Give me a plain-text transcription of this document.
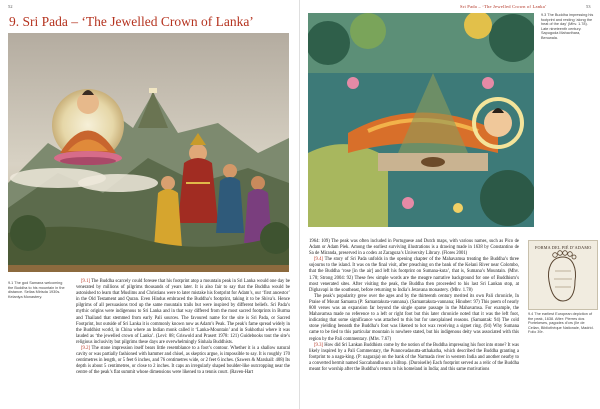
52
9. Sri Pada – ‘The Jewelled Crown of Lanka’
9.1 The god Samana welcoming the Buddha to his mountain in the distance. Sellas Mirisda 1930s. Kelaniya Monastery.

[9.1] The Buddha scarcely could foresee that his footprint atop a mountain peak in Sri Lanka would one day be venerated by millions of pilgrims thousands of years later. It is also fair to say that the Buddha would be astonished to learn that Muslims and Christians were to later mistake his footprint for Adam’s, our ‘first ancestor’ in the Old Testament and Quran. Even Hindus embraced the Buddha’s footprint, taking it to be Shiva’s. Hence pilgrims of all persuasions trod up the same mountain trails but were inspired by different beliefs. Sri Pada’s mythic origins were indigenous to Sri Lanka and in that way differed from the most sacred footprints in Burma and Thailand that stemmed from early Pali sources. The favoured name for the site is Sri Pada, or Sacred Footprint, but outside of Sri Lanka it is commonly known now as Adam’s Peak. The peak’s fame spread widely in the Buddhist world, in China where an Indian monk called it ‘Lanka-Mountain’ and in Sukhothai where it was lauded as ‘the jewelled crown of Lanka’. (Levi: 88; Griswold and Prasert 1978: 121) Guidebooks tout the site’s religious inclusivity but pilgrims these days are overwhelmingly Sinhala Buddhists.

[9.2] The stone impression itself bears little resemblance to a foot’s contour. Whether it is a shallow natural cavity or was partially fashioned with hammer and chisel, as skeptics argue, is impossible to say. It is roughly 170 centimetres in length, or 5 feet 6 inches, and 76 centimetres wide, or 2 feet 6 inches. (Sawers & Marshall: 408) Its depth is about 5 centimetres, or close to 2 inches. It caps an irregularly shaped boulder-like outcropping near the centre of the peak’s flat summit whose dimensions were likened to a tennis court. (Raven-Hart

Sri Pada – ‘The Jewelled Crown of Lanka’	53
9.3 The Buddha impressing his footprint and resting ‘along the heat of the day’ (Mhv. 1.78). Late nineteenth century. Sapugoda Mahavihara, Beruwala.

1964: 109) The peak was often included in Portuguese and Dutch maps, with various names, such as Pico de Adam or Adam Piek. Among the earliest surviving illustrations is a drawing made in 1638 by Constantino de Sa de Miranda, preserved in a codex at Zaragoza’s University Library. (Flores 2001)

[9.4] The story of Sri Pada unfolds in the opening chapter of the Mahavamsa treating the Buddha’s three sojourns to the island. It was on the final visit, after preaching on the bank of the Kelani River near Colombo, that the Buddha ‘rose [in the air] and left his footprint on Sumana-kuta’, that is, Sumana’s Mountain. (Mhv. 1.78; Strong 2004: 92) These few simple words are the meagre narrative background for one of Buddhism’s most venerated sites. After visiting the peak, the Buddha then proceeded to his last Sri Lankan stop, at Dighavapi in the southeast, before returning to India’s Jetavana monastery. (Mhv. 1.78)

The peak’s popularity grew over the ages and by the thirteenth century merited its own Pali chronicle, In Praise of Mount Samanta (P: Samantakuta-vannana). (Samantakuta-vannana; Hinuber: 97) This poem of nearly 800 verses was an expansion far beyond the single sparse passage in the Mahavamsa. For example, the Mahavamsa made no reference to a left or right foot but this later chronicle noted that it was the left foot, indicating that some significance was attached to this but for unexplained reasons. (Samantak: 94) The cold stone yielding beneath the Buddha’s foot was likened to hot wax receiving a signet ring. (94) Why Sumana came to be tied to this particular mountain is nowhere stated, but his indigenous deity was associated with this region by the Pali commentary. (Mhv. 7.67)

[9.3] How did Sri Lankan Buddhists come by the notion of the Buddha impressing his foot into stone? It was likely inspired by a Pali Commentary, the Punnovadasutta-atthakatha, which described the Buddha granting a footprint to a naga-king. (P: nagaraja) on the bank of the Narmada river in western India and another nearby to a converted hermit named Saccabandha on a hilltop. (Duroiselle) Each footprint served as a relic of the Buddha meant for worship after the Buddha’s return to his homeland in India; and this same motivations

FORMA DEL PIÉ D’ADAMO
9.4 The earliest European depiction of the peak, 1638. After: Pierres dos Portekeses, pagodes d’ors (Ile de Ceilan, Bibliothèque Nationale, Madrid. Folio 39r.
